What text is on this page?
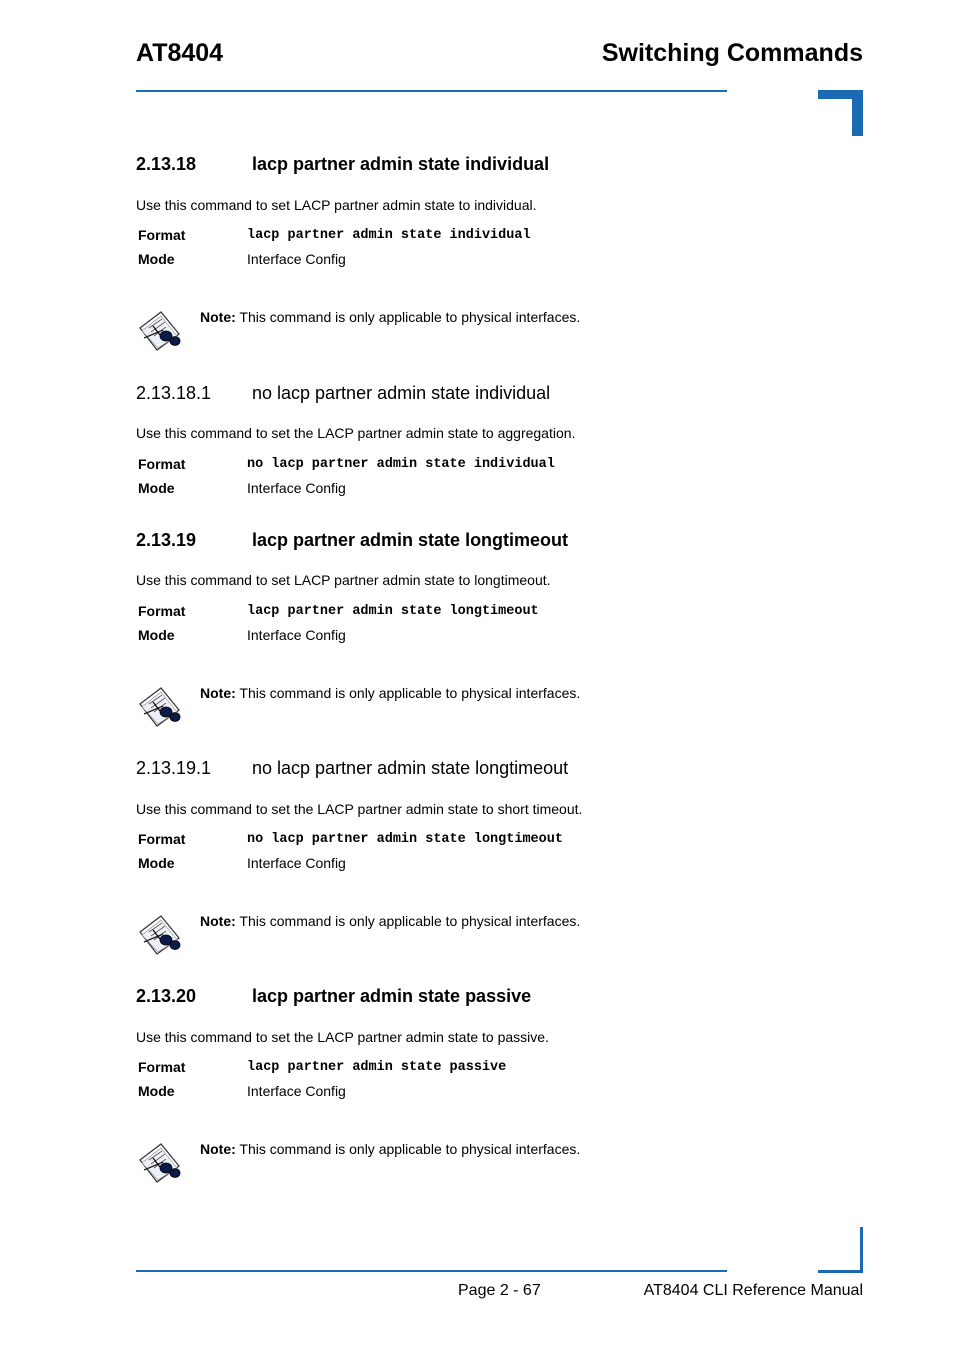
AT8404	Switching Commands
2.13.18	lacp partner admin state individual
Use this command to set LACP partner admin state to individual.
Format	lacp partner admin state individual
Mode	Interface Config
Note: This command is only applicable to physical interfaces.
2.13.18.1 no lacp partner admin state individual
Use this command to set the LACP partner admin state to aggregation.
Format	no lacp partner admin state individual
Mode	Interface Config
2.13.19	lacp partner admin state longtimeout
Use this command to set LACP partner admin state to longtimeout.
Format	lacp partner admin state longtimeout
Mode	Interface Config
Note: This command is only applicable to physical interfaces.
2.13.19.1 no lacp partner admin state longtimeout
Use this command to set the LACP partner admin state to short timeout.
Format	no lacp partner admin state longtimeout
Mode	Interface Config
Note: This command is only applicable to physical interfaces.
2.13.20	lacp partner admin state passive
Use this command to set the LACP partner admin state to passive.
Format	lacp partner admin state passive
Mode	Interface Config
Note: This command is only applicable to physical interfaces.
Page 2 - 67	AT8404 CLI Reference Manual
